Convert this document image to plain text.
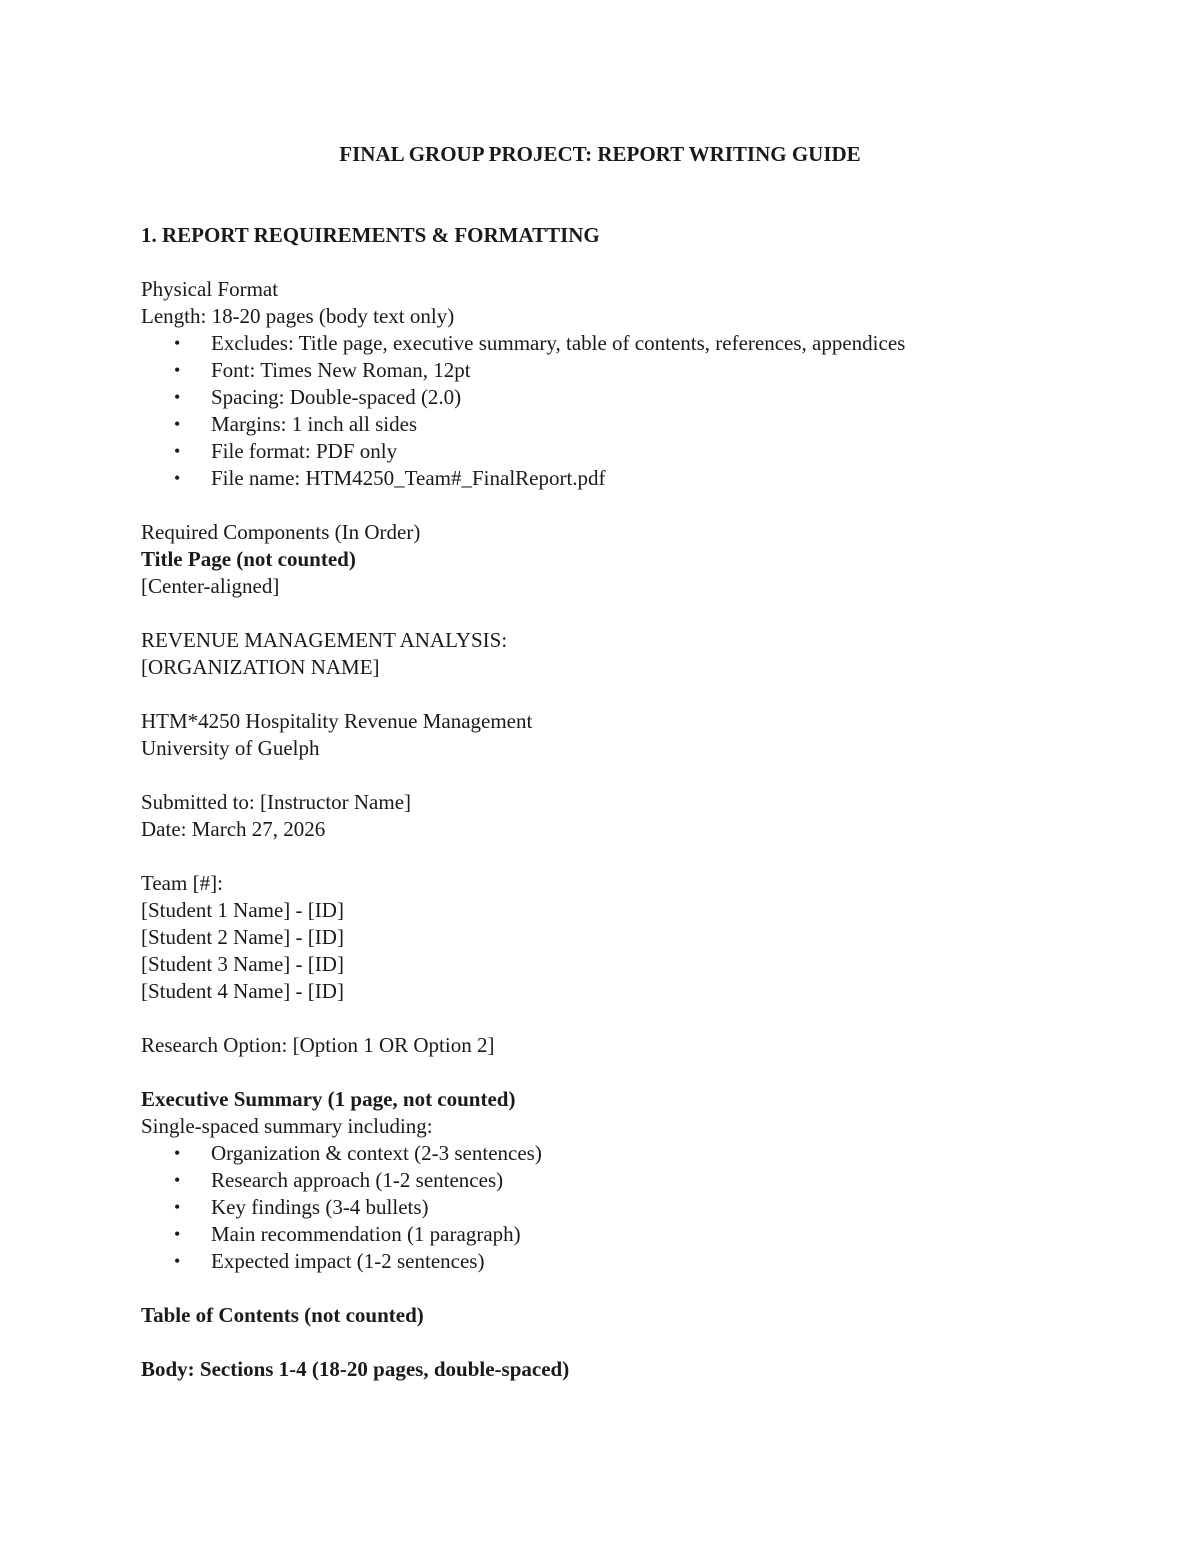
FINAL GROUP PROJECT: REPORT WRITING GUIDE
1. REPORT REQUIREMENTS & FORMATTING
Physical Format
Length: 18-20 pages (body text only)
• Excludes: Title page, executive summary, table of contents, references, appendices
• Font: Times New Roman, 12pt
• Spacing: Double-spaced (2.0)
• Margins: 1 inch all sides
• File format: PDF only
• File name: HTM4250_Team#_FinalReport.pdf
Required Components (In Order)
Title Page (not counted)
[Center-aligned]
REVENUE MANAGEMENT ANALYSIS:
[ORGANIZATION NAME]
HTM*4250 Hospitality Revenue Management
University of Guelph
Submitted to: [Instructor Name]
Date: March 27, 2026
Team [#]:
[Student 1 Name] - [ID]
[Student 2 Name] - [ID]
[Student 3 Name] - [ID]
[Student 4 Name] - [ID]
Research Option: [Option 1 OR Option 2]
Executive Summary (1 page, not counted)
Single-spaced summary including:
• Organization & context (2-3 sentences)
• Research approach (1-2 sentences)
• Key findings (3-4 bullets)
• Main recommendation (1 paragraph)
• Expected impact (1-2 sentences)
Table of Contents (not counted)
Body: Sections 1-4 (18-20 pages, double-spaced)
